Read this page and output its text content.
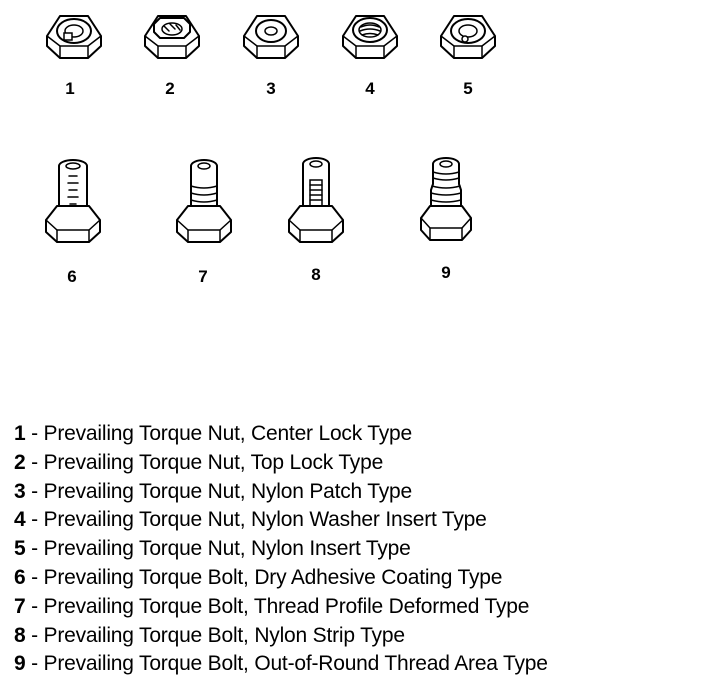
1	2	3	4	5
6	7	8	9
1 - Prevailing Torque Nut, Center Lock Type
2 - Prevailing Torque Nut, Top Lock Type
3 - Prevailing Torque Nut, Nylon Patch Type
4 - Prevailing Torque Nut, Nylon Washer Insert Type
5 - Prevailing Torque Nut, Nylon Insert Type
6 - Prevailing Torque Bolt, Dry Adhesive Coating Type
7 - Prevailing Torque Bolt, Thread Profile Deformed Type
8 - Prevailing Torque Bolt, Nylon Strip Type
9 - Prevailing Torque Bolt, Out-of-Round Thread Area Type
